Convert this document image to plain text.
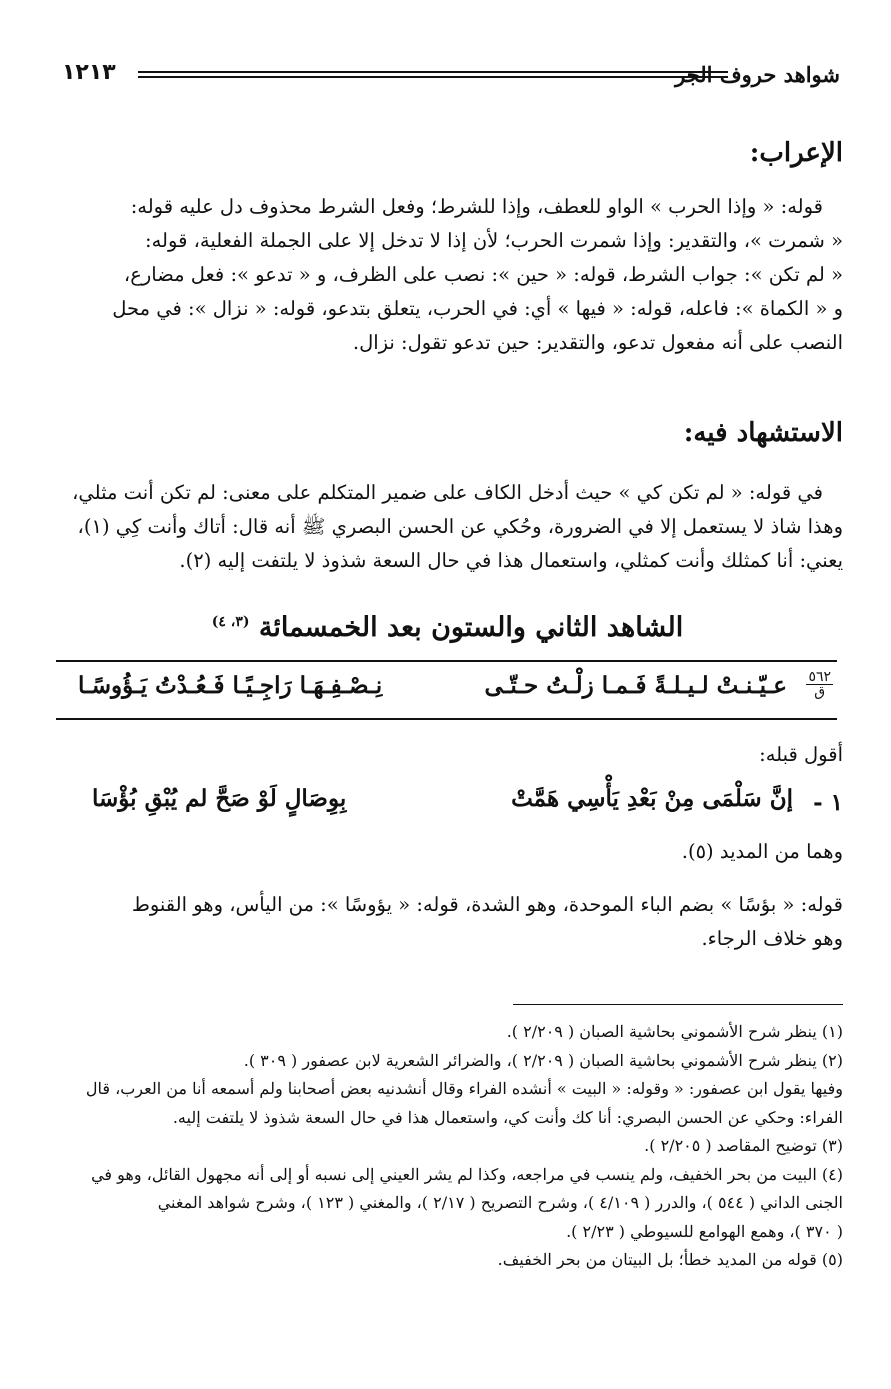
شواهد حروف الجر
١٢١٣
الإعراب:

قوله: « وإذا الحرب » الواو للعطف، وإذا للشرط؛ وفعل الشرط محذوف دل عليه قوله:

« شمرت »، والتقدير: وإذا شمرت الحرب؛ لأن إذا لا تدخل إلا على الجملة الفعلية، قوله:

« لم تكن »: جواب الشرط، قوله: « حين »: نصب على الظرف، و « تدعو »: فعل مضارع،

و « الكماة »: فاعله، قوله: « فيها » أي: في الحرب، يتعلق بتدعو، قوله: « نزال »: في محل

النصب على أنه مفعول تدعو، والتقدير: حين تدعو تقول: نزال.

الاستشهاد فيه:

في قوله: « لم تكن كي » حيث أدخل الكاف على ضمير المتكلم على معنى: لم تكن أنت مثلي،

وهذا شاذ لا يستعمل إلا في الضرورة، وحُكي عن الحسن البصري ﷺ أنه قال: أتاك وأنت كِي (١)،

يعني: أنا كمثلك وأنت كمثلي، واستعمال هذا في حال السعة شذوذ لا يلتفت إليه (٢).

الشاهد الثاني والستون بعد الخمسمائة $^{(٣، ٤)}$
٥٦٢
ق
عـيّـنـتْ لـيـلـةً فَـمـا زلْـتُ حـتّـى
نِـصْـفِـهَـا رَاجِـيًـا فَـعُـدْتُ يَـؤُوسًـا
أقول قبله:
١ -
إنَّ سَلْمَى مِنْ بَعْدِ يَأْسِي هَمَّتْ
بِوِصَالٍ لَوْ صَحَّ لم يُبْقِ بُؤْسَا
وهما من المديد (٥).

قوله: « بؤسًا » بضم الباء الموحدة، وهو الشدة، قوله: « يؤوسًا »: من اليأس، وهو القنوط

وهو خلاف الرجاء.

(١) ينظر شرح الأشموني بحاشية الصبان ( ٢/٢٠٩ ).

(٢) ينظر شرح الأشموني بحاشية الصبان ( ٢/٢٠٩ )، والضرائر الشعرية لابن عصفور ( ٣٠٩ ).

وفيها يقول ابن عصفور: « وقوله: « البيت » أنشده الفراء وقال أنشدنيه بعض أصحابنا ولم أسمعه أنا من العرب، قال

الفراء: وحكي عن الحسن البصري: أنا كك وأنت كي، واستعمال هذا في حال السعة شذوذ لا يلتفت إليه.

(٣) توضيح المقاصد ( ٢/٢٠٥ ).

(٤) البيت من بحر الخفيف، ولم ينسب في مراجعه، وكذا لم يشر العيني إلى نسبه أو إلى أنه مجهول القائل، وهو في

الجنى الداني ( ٥٤٤ )، والدرر ( ٤/١٠٩ )، وشرح التصريح ( ٢/١٧ )، والمغني ( ١٢٣ )، وشرح شواهد المغني

( ٣٧٠ )، وهمع الهوامع للسيوطي ( ٢/٢٣ ).

(٥) قوله من المديد خطأ؛ بل البيتان من بحر الخفيف.
